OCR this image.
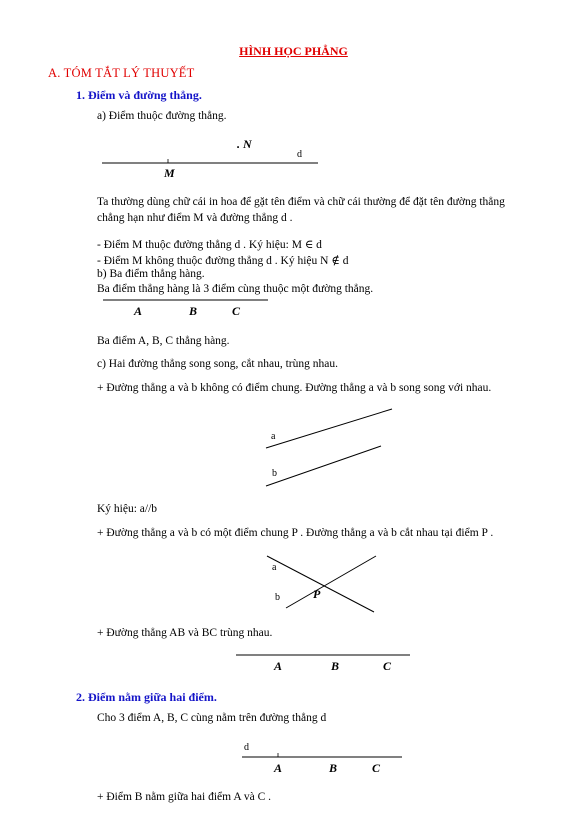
HÌNH HỌC PHẲNG
A. TÓM TẮT LÝ THUYẾT
1. Điểm và đường thẳng.
a) Điểm thuộc đường thẳng.
. N
d
M
Ta thường dùng chữ cái in hoa để gặt tên điểm và chữ cái thường để đặt tên đường thẳng
chẳng hạn như điểm M và đường thẳng d .
- Điểm M thuộc đường thẳng d . Ký hiệu: M ∈ d
- Điểm M không thuộc đường thẳng d . Ký hiệu N ∉ d
b) Ba điểm thẳng hàng.
Ba điểm thẳng hàng là 3 điểm cùng thuộc một đường thẳng.
A	B	C
Ba điểm A, B, C thẳng hàng.
c) Hai đường thẳng song song, cắt nhau, trùng nhau.
+ Đường thẳng a và b không có điểm chung. Đường thẳng a và b song song với nhau.
a
b
Ký hiệu: a//b
+ Đường thẳng a và b có một điểm chung P . Đường thẳng a và b cắt nhau tại điểm P .
a
b	P
+ Đường thẳng AB và BC trùng nhau.
A	B	C
2. Điểm nằm giữa hai điểm.
Cho 3 điểm A, B, C cùng nằm trên đường thẳng d
d
A	B	C
+ Điểm B nằm giữa hai điểm A và C .
